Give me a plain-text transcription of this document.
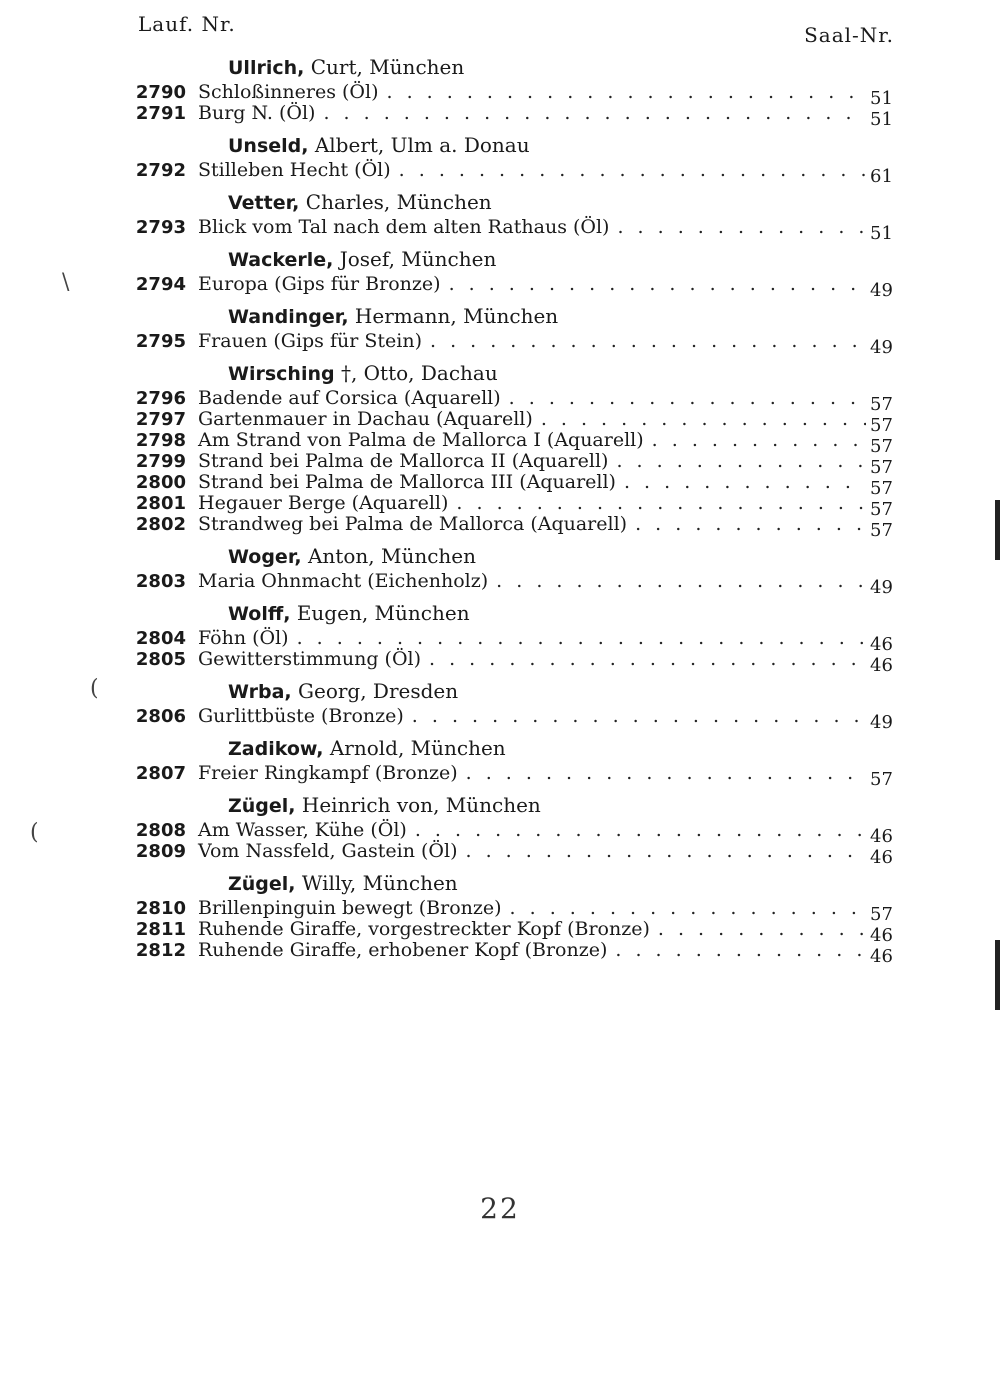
Lauf. Nr.	Saal-Nr.
Ullrich, Curt, München
2790 Schloßinneres (Öl) . . .	51
2791 Burg N. (Öl) . . .	51
Unseld, Albert, Ulm a. Donau
2792 Stilleben Hecht (Öl) . . .	61
Vetter, Charles, München
2793 Blick vom Tal nach dem alten Rathaus (Öl) . . .	51
Wackerle, Josef, München
2794 Europa (Gips für Bronze) . . .	49
Wandinger, Hermann, München
2795 Frauen (Gips für Stein) . . .	49
Wirsching †, Otto, Dachau
2796 Badende auf Corsica (Aquarell) . . .	57
2797 Gartenmauer in Dachau (Aquarell) . . .	57
2798 Am Strand von Palma de Mallorca I (Aquarell) . . .	57
2799 Strand bei Palma de Mallorca II (Aquarell) . . .	57
2800 Strand bei Palma de Mallorca III (Aquarell) . . .	57
2801 Hegauer Berge (Aquarell) . . .	57
2802 Strandweg bei Palma de Mallorca (Aquarell) . . .	57
Woger, Anton, München
2803 Maria Ohnmacht (Eichenholz) . . .	49
Wolff, Eugen, München
2804 Föhn (Öl) . . .	46
2805 Gewitterstimmung (Öl) . . .	46
Wrba, Georg, Dresden
2806 Gurlittbüste (Bronze) . . .	49
Zadikow, Arnold, München
2807 Freier Ringkampf (Bronze) . . .	57
Zügel, Heinrich von, München
2808 Am Wasser, Kühe (Öl) . . .	46
2809 Vom Nassfeld, Gastein (Öl) . . .	46
Zügel, Willy, München
2810 Brillenpinguin bewegt (Bronze) . . .	57
2811 Ruhende Giraffe, vorgestreckter Kopf (Bronze) . . .	46
2812 Ruhende Giraffe, erhobener Kopf (Bronze) . . .	46
22
\
(
(
